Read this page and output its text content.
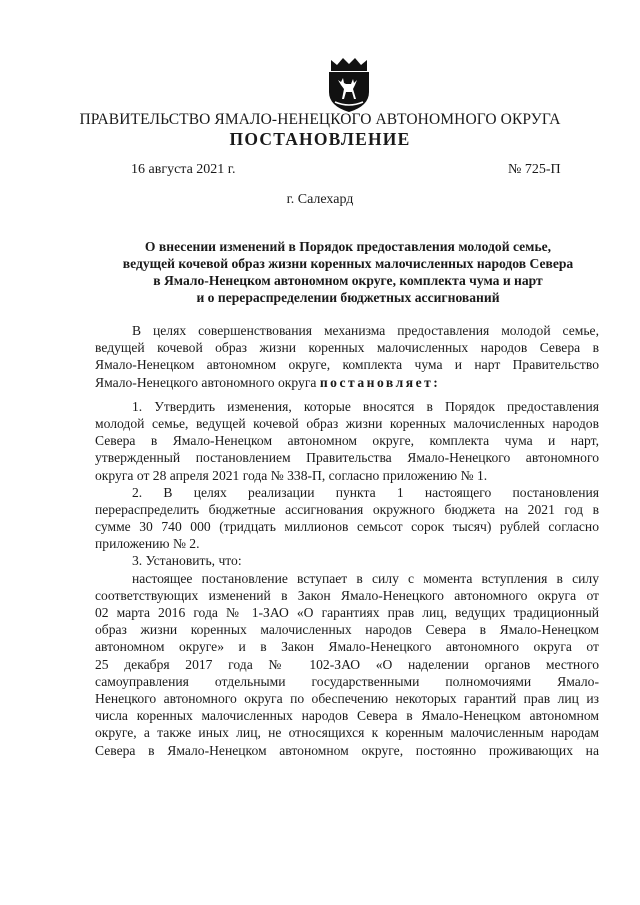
ПРАВИТЕЛЬСТВО ЯМАЛО-НЕНЕЦКОГО АВТОНОМНОГО ОКРУГА
ПОСТАНОВЛЕНИЕ
16 августа 2021 г.	№ 725-П
г. Салехард
О внесении изменений в Порядок предоставления молодой семье,
ведущей кочевой образ жизни коренных малочисленных народов Севера
в Ямало-Ненецком автономном округе, комплекта чума и нарт
и о перераспределении бюджетных ассигнований
В целях совершенствования механизма предоставления молодой семье,
ведущей кочевой образ жизни коренных малочисленных народов Севера в
Ямало-Ненецком автономном округе, комплекта чума и нарт Правительство
Ямало-Ненецкого автономного округа постановляет:
1. Утвердить изменения, которые вносятся в Порядок предоставления
молодой семье, ведущей кочевой образ жизни коренных малочисленных народов
Севера в Ямало-Ненецком автономном округе, комплекта чума и нарт,
утвержденный постановлением Правительства Ямало-Ненецкого автономного
округа от 28 апреля 2021 года № 338-П, согласно приложению № 1.
2. В целях реализации пункта 1 настоящего постановления
перераспределить бюджетные ассигнования окружного бюджета на 2021 год в
сумме 30 740 000 (тридцать миллионов семьсот сорок тысяч) рублей согласно
приложению № 2.
3. Установить, что:
настоящее постановление вступает в силу с момента вступления в силу
соответствующих изменений в Закон Ямало-Ненецкого автономного округа от
02 марта 2016 года № 1-ЗАО «О гарантиях прав лиц, ведущих традиционный
образ жизни коренных малочисленных народов Севера в Ямало-Ненецком
автономном округе» и в Закон Ямало-Ненецкого автономного округа от
25 декабря 2017 года № 102-ЗАО «О наделении органов местного
самоуправления отдельными государственными полномочиями Ямало-
Ненецкого автономного округа по обеспечению некоторых гарантий прав лиц из
числа коренных малочисленных народов Севера в Ямало-Ненецком автономном
округе, а также иных лиц, не относящихся к коренным малочисленным народам
Севера в Ямало-Ненецком автономном округе, постоянно проживающих на
